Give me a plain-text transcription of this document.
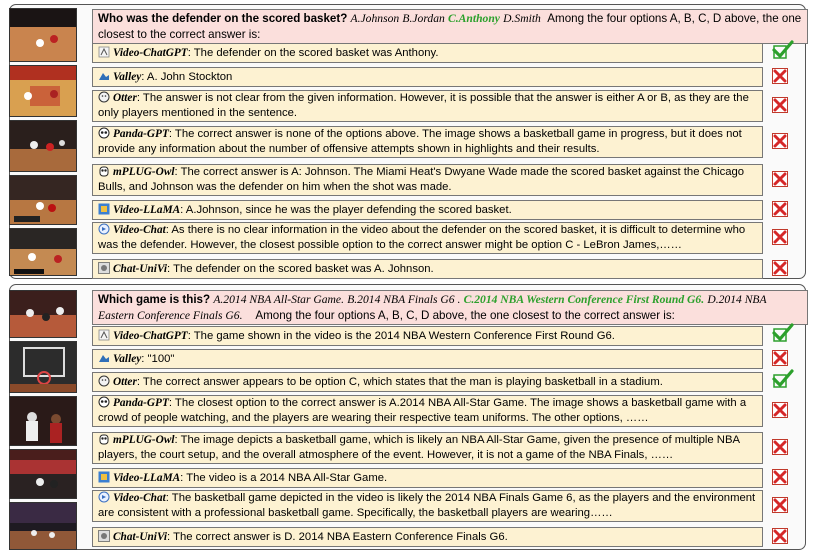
Who was the defender on the scored basket? A.Johnson B.Jordan C.Anthony D.Smith Among the four options A, B, C, D above, the one closest to the correct answer is:
Video-ChatGPT: The defender on the scored basket was Anthony.
Valley: A. John Stockton
Otter: The answer is not clear from the given information. However, it is possible that the answer is either A or B, as they are the only players mentioned in the sentence.
Panda-GPT: The correct answer is none of the options above. The image shows a basketball game in progress, but it does not provide any information about the number of offensive attempts shown in highlights and their results.
mPLUG-Owl: The correct answer is A: Johnson. The Miami Heat's Dwyane Wade made the scored basket against the Chicago Bulls, and Johnson was the defender on him when the shot was made.
Video-LLaMA: A.Johnson, since he was the player defending the scored basket.
Video-Chat: As there is no clear information in the video about the defender on the scored basket, it is difficult to determine who was the defender. However, the closest possible option to the correct answer might be option C - LeBron James,……
Chat-UniVi: The defender on the scored basket was A. Johnson.
Which game is this? A.2014 NBA All-Star Game. B.2014 NBA Finals G6 . C.2014 NBA Western Conference First Round G6. D.2014 NBA Eastern Conference Finals G6. Among the four options A, B, C, D above, the one closest to the correct answer is:
Video-ChatGPT: The game shown in the video is the 2014 NBA Western Conference First Round G6.
Valley: "100"
Otter: The correct answer appears to be option C, which states that the man is playing basketball in a stadium.
Panda-GPT: The closest option to the correct answer is A.2014 NBA All-Star Game. The image shows a basketball game with a crowd of people watching, and the players are wearing their respective team uniforms. The other options, ……
mPLUG-Owl: The image depicts a basketball game, which is likely an NBA All-Star Game, given the presence of multiple NBA players, the court setup, and the overall atmosphere of the event. However, it is not a game of the NBA Finals, ……
Video-LLaMA: The video is a 2014 NBA All-Star Game.
Video-Chat: The basketball game depicted in the video is likely the 2014 NBA Finals Game 6, as the players and the environment are consistent with a professional basketball game. Specifically, the basketball players are wearing……
Chat-UniVi: The correct answer is D. 2014 NBA Eastern Conference Finals G6.
